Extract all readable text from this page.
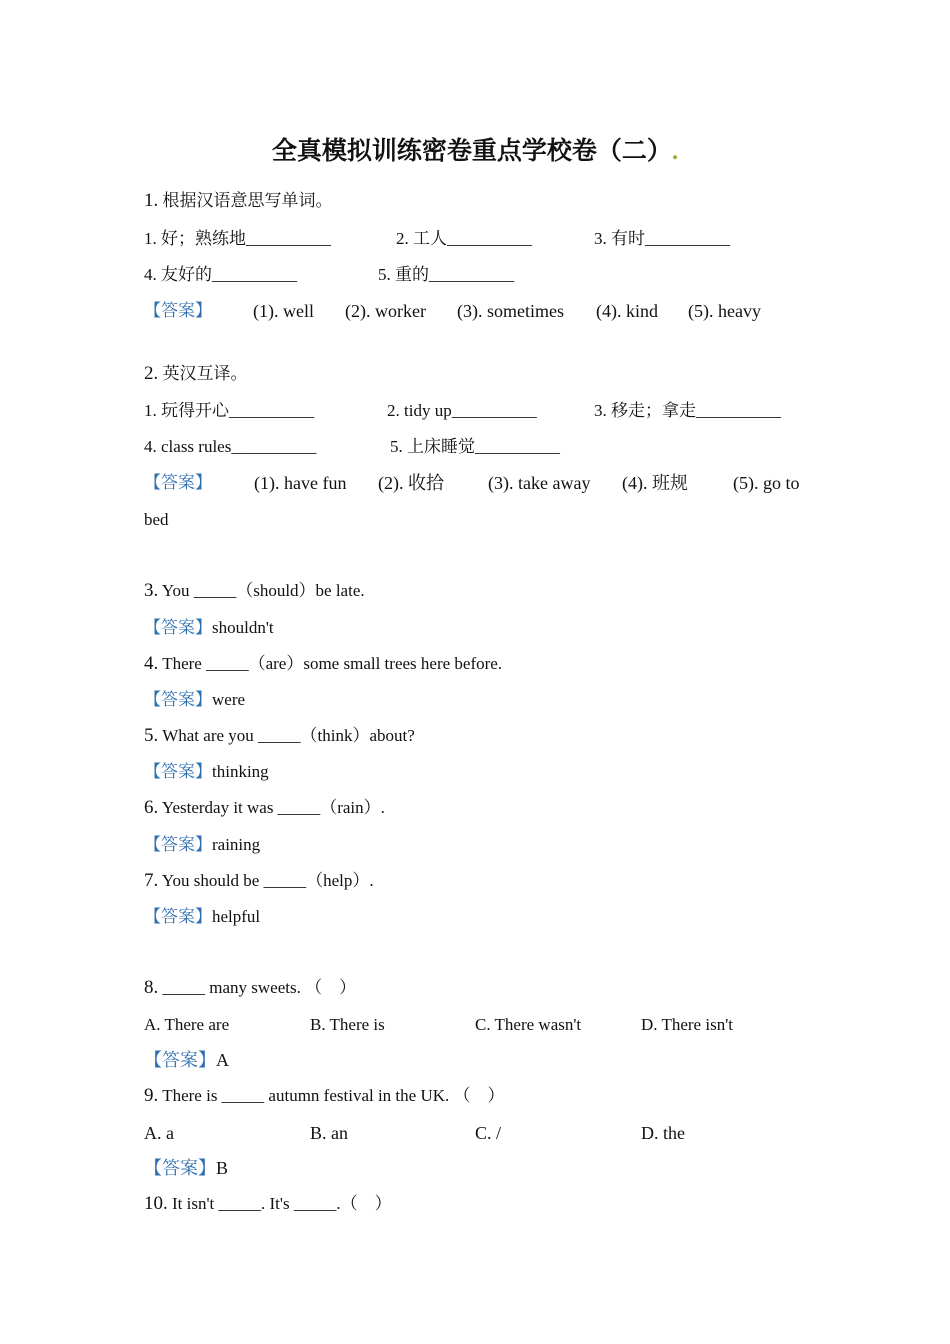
全真模拟训练密卷重点学校卷（二）.
1. 根据汉语意思写单词。
1. 好；熟练地__________	2. 工人__________	3. 有时__________
4. 友好的__________	5. 重的__________
【答案】 (1). well (2). worker (3). sometimes (4). kind (5). heavy
2. 英汉互译。
1. 玩得开心__________	2. tidy up__________	3. 移走；拿走__________
4. class rules__________	5. 上床睡觉__________
【答案】 (1). have fun (2). 收拾 (3). take away (4). 班规	(5). go to
bed
3. You _____（should）be late.
【答案】shouldn't
4. There _____（are）some small trees here before.
【答案】were
5. What are you _____（think）about?
【答案】thinking
6. Yesterday it was _____（rain）.
【答案】raining
7. You should be _____（help）.
【答案】helpful
8. _____ many sweets. （　）
A. There are	B. There is	C. There wasn't	D. There isn't
【答案】A
9. There is _____ autumn festival in the UK. （　）
A. a	B. an	C. /	D. the
【答案】B
10. It isn't _____. It's _____.（　）
